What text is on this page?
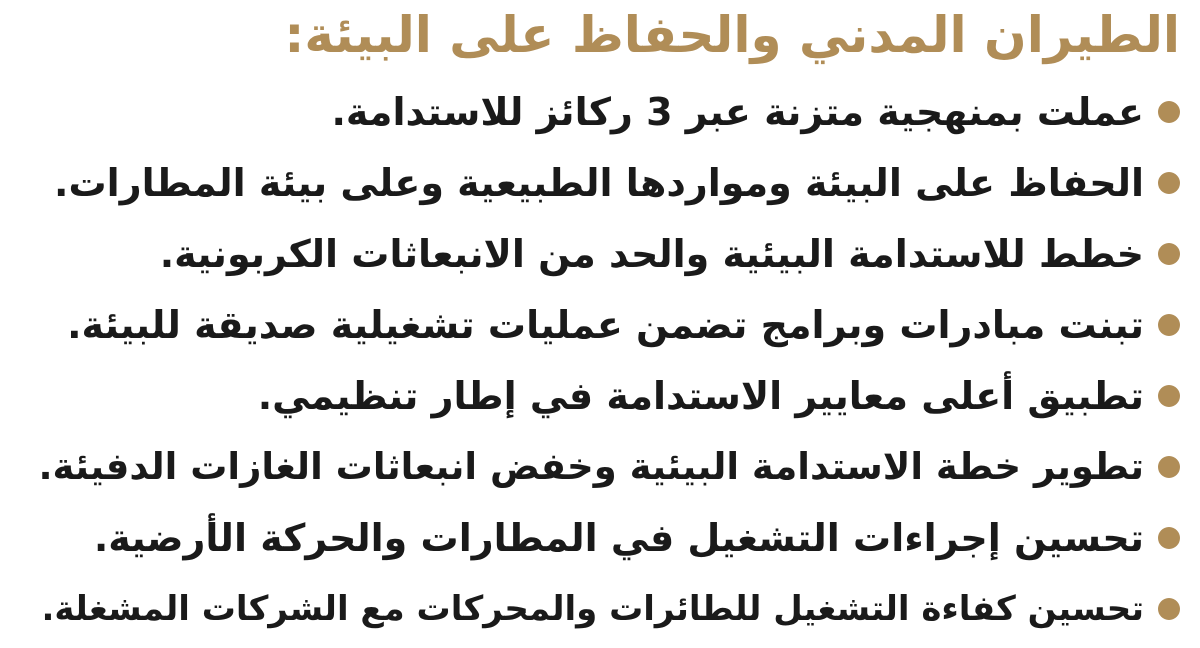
الطيران المدني والحفاظ على البيئة:
عملت بمنهجية متزنة عبر 3 ركائز للاستدامة.
الحفاظ على البيئة ومواردها الطبيعية وعلى بيئة المطارات.
خطط للاستدامة البيئية والحد من الانبعاثات الكربونية.
تبنت مبادرات وبرامج تضمن عمليات تشغيلية صديقة للبيئة.
تطبيق أعلى معايير الاستدامة في إطار تنظيمي.
تطوير خطة الاستدامة البيئية وخفض انبعاثات الغازات الدفيئة.
تحسين إجراءات التشغيل في المطارات والحركة الأرضية.
تحسين كفاءة التشغيل للطائرات والمحركات مع الشركات المشغلة.
